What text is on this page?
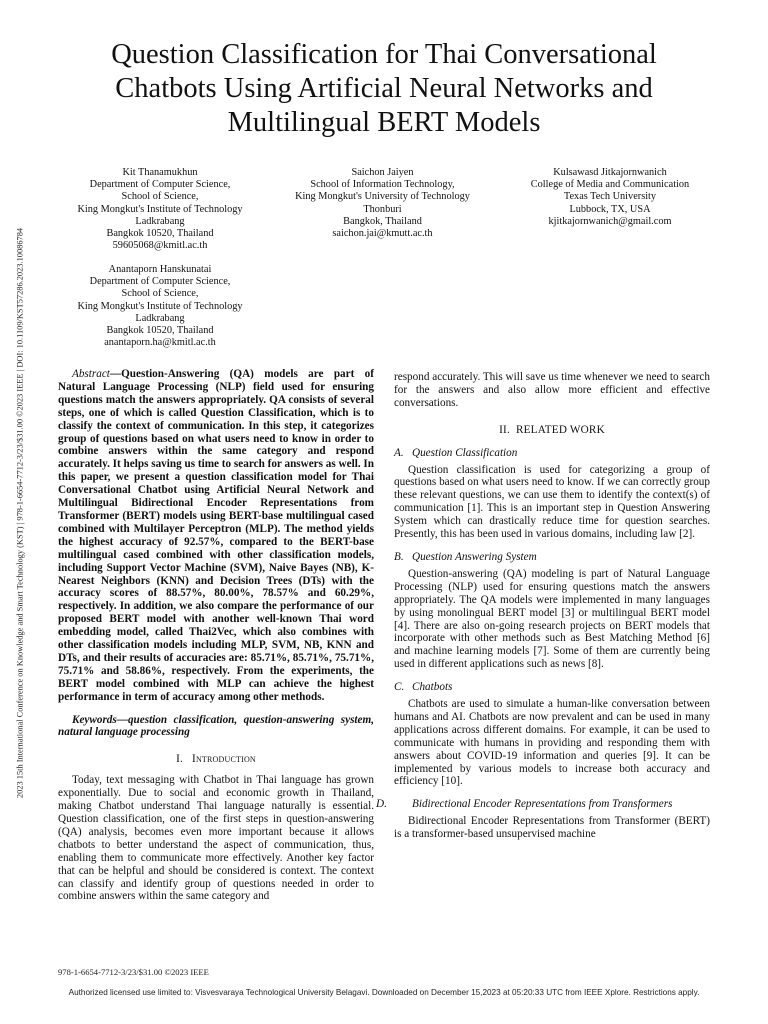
Question Classification for Thai Conversational
Chatbots Using Artificial Neural Networks and
Multilingual BERT Models
Kit Thanamukhun
Department of Computer Science,
School of Science,
King Mongkut's Institute of Technology
Ladkrabang
Bangkok 10520, Thailand
59605068@kmitl.ac.th
Saichon Jaiyen
School of Information Technology,
King Mongkut's University of Technology
Thonburi
Bangkok, Thailand
saichon.jai@kmutt.ac.th
Kulsawasd Jitkajornwanich
College of Media and Communication
Texas Tech University
Lubbock, TX, USA
kjitkajornwanich@gmail.com
Anantaporn Hanskunatai
Department of Computer Science,
School of Science,
King Mongkut's Institute of Technology
Ladkrabang
Bangkok 10520, Thailand
anantaporn.ha@kmitl.ac.th
2023 15th International Conference on Knowledge and Smart Technology (KST) | 978-1-6654-7712-3/23/$31.00 ©2023 IEEE | DOI: 10.1109/KST57286.2023.10086784	Abstract—Question-Answering (QA) models are part of Natural Language Processing (NLP) field used for ensuring questions match the answers appropriately. QA consists of several steps, one of which is called Question Classification, which is to classify the context of communication. In this step, it categorizes group of questions based on what users need to know in order to combine answers within the same category and respond accurately. It helps saving us time to search for answers as well. In this paper, we present a question classification model for Thai Conversational Chatbot using Artificial Neural Network and Multilingual Bidirectional Encoder Representations from Transformer (BERT) models using BERT-base multilingual cased combined with Multilayer Perceptron (MLP). The method yields the highest accuracy of 92.57%, compared to the BERT-base multilingual cased combined with other classification models, including Support Vector Machine (SVM), Naive Bayes (NB), K-Nearest Neighbors (KNN) and Decision Trees (DTs) with the accuracy scores of 88.57%, 80.00%, 78.57% and 60.29%, respectively. In addition, we also compare the performance of our proposed BERT model with another well-known Thai word embedding model, called Thai2Vec, which also combines with other classification models including MLP, SVM, NB, KNN and DTs, and their results of accuracies are: 85.71%, 85.71%, 75.71%, 75.71% and 58.86%, respectively. From the experiments, the BERT model combined with MLP can achieve the highest performance in term of accuracy among other methods.

Keywords—question classification, question-answering system, natural language processing

I. Introduction

Today, text messaging with Chatbot in Thai language has grown exponentially. Due to social and economic growth in Thailand, making Chatbot understand Thai language naturally is essential. Question classification, one of the first steps in question-answering (QA) analysis, becomes even more important because it allows chatbots to better understand the aspect of communication, thus, enabling them to communicate more effectively. Another key factor that can be helpful and should be considered is context. The context can classify and identify group of questions needed in order to combine answers within the same category and

respond accurately. This will save us time whenever we need to search for the answers and also allow more efficient and effective conversations.

II. RELATED WORK

A. Question Classification

Question classification is used for categorizing a group of questions based on what users need to know. If we can correctly group these relevant questions, we can use them to identify the context(s) of communication [1]. This is an important step in Question Answering System which can drastically reduce time for question searches. Presently, this has been used in various domains, including law [2].

B. Question Answering System

Question-answering (QA) modeling is part of Natural Language Processing (NLP) used for ensuring questions match the answers appropriately. The QA models were implemented in many languages by using monolingual BERT model [3] or multilingual BERT model [4]. There are also on-going research projects on BERT models that incorporate with other methods such as Best Matching Method [6] and machine learning models [7]. Some of them are currently being used in different applications such as news [8].

C. Chatbots

Chatbots are used to simulate a human-like conversation between humans and AI. Chatbots are now prevalent and can be used in many applications across different domains. For example, it can be used to communicate with humans in providing and responding them with answers about COVID-19 information and queries [9]. It can be implemented by various models to increase both accuracy and efficiency [10].

D. Bidirectional Encoder Representations from Transformers

Bidirectional Encoder Representations from Transformer (BERT) is a transformer-based unsupervised machine

978-1-6654-7712-3/23/$31.00 ©2023 IEEE
Authorized licensed use limited to: Visvesvaraya Technological University Belagavi. Downloaded on December 15,2023 at 05:20:33 UTC from IEEE Xplore. Restrictions apply.
